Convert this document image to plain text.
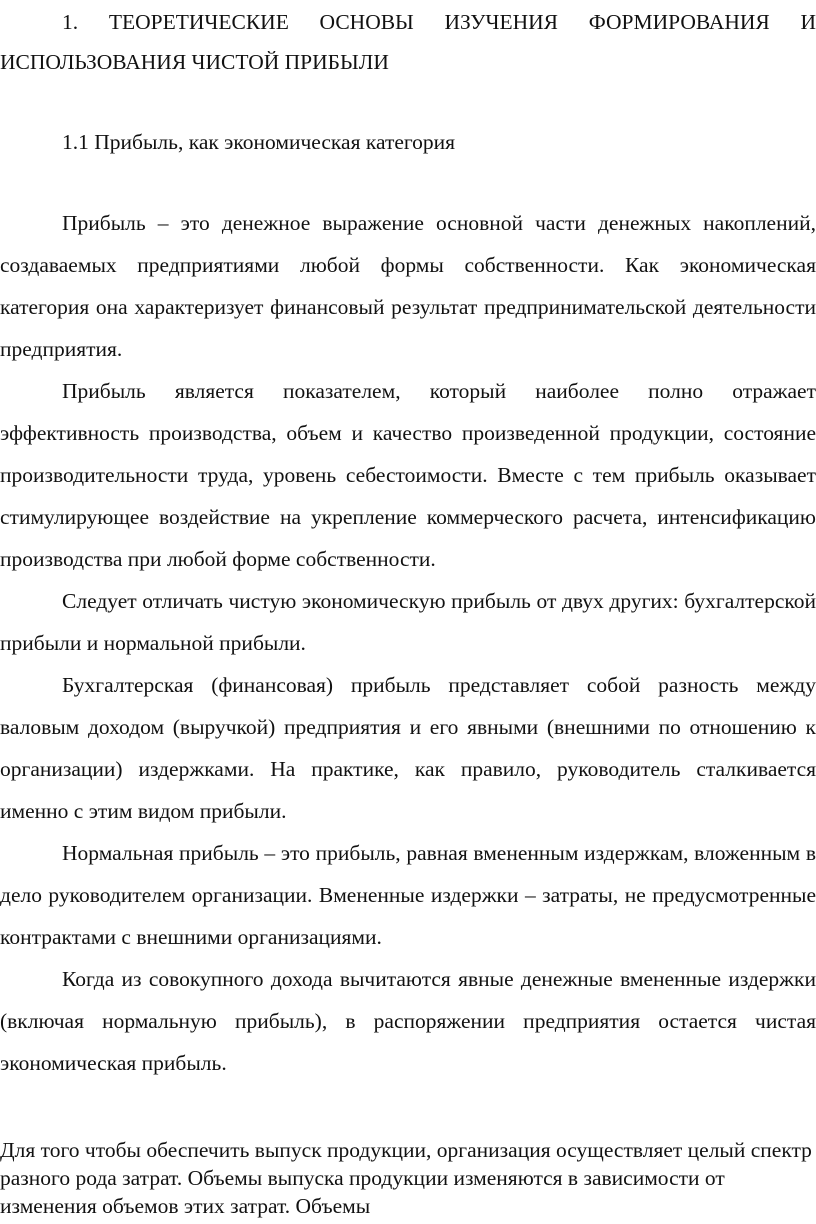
1. ТЕОРЕТИЧЕСКИЕ ОСНОВЫ ИЗУЧЕНИЯ ФОРМИРОВАНИЯ И ИСПОЛЬЗОВАНИЯ ЧИСТОЙ ПРИБЫЛИ
1.1 Прибыль, как экономическая категория

Прибыль – это денежное выражение основной части денежных накоплений, создаваемых предприятиями любой формы собственности. Как экономическая категория она характеризует финансовый результат предпринимательской деятельности предприятия.

Прибыль является показателем, который наиболее полно отражает эффективность производства, объем и качество произведенной продукции, состояние производительности труда, уровень себестоимости. Вместе с тем прибыль оказывает стимулирующее воздействие на укрепление коммерческого расчета, интенсификацию производства при любой форме собственности.

Следует отличать чистую экономическую прибыль от двух других: бухгалтерской прибыли и нормальной прибыли.

Бухгалтерская (финансовая) прибыль представляет собой разность между валовым доходом (выручкой) предприятия и его явными (внешними по отношению к организации) издержками. На практике, как правило, руководитель сталкивается именно с этим видом прибыли.

Нормальная прибыль – это прибыль, равная вмененным издержкам, вложенным в дело руководителем организации. Вмененные издержки – затраты, не предусмотренные контрактами с внешними организациями.

Когда из совокупного дохода вычитаются явные денежные вмененные издержки (включая нормальную прибыль), в распоряжении предприятия остается чистая экономическая прибыль.

Для того чтобы обеспечить выпуск продукции, организация осуществляет целый спектр разного рода затрат. Объемы выпуска продукции изменяются в зависимости от изменения объемов этих затрат. Объемы
